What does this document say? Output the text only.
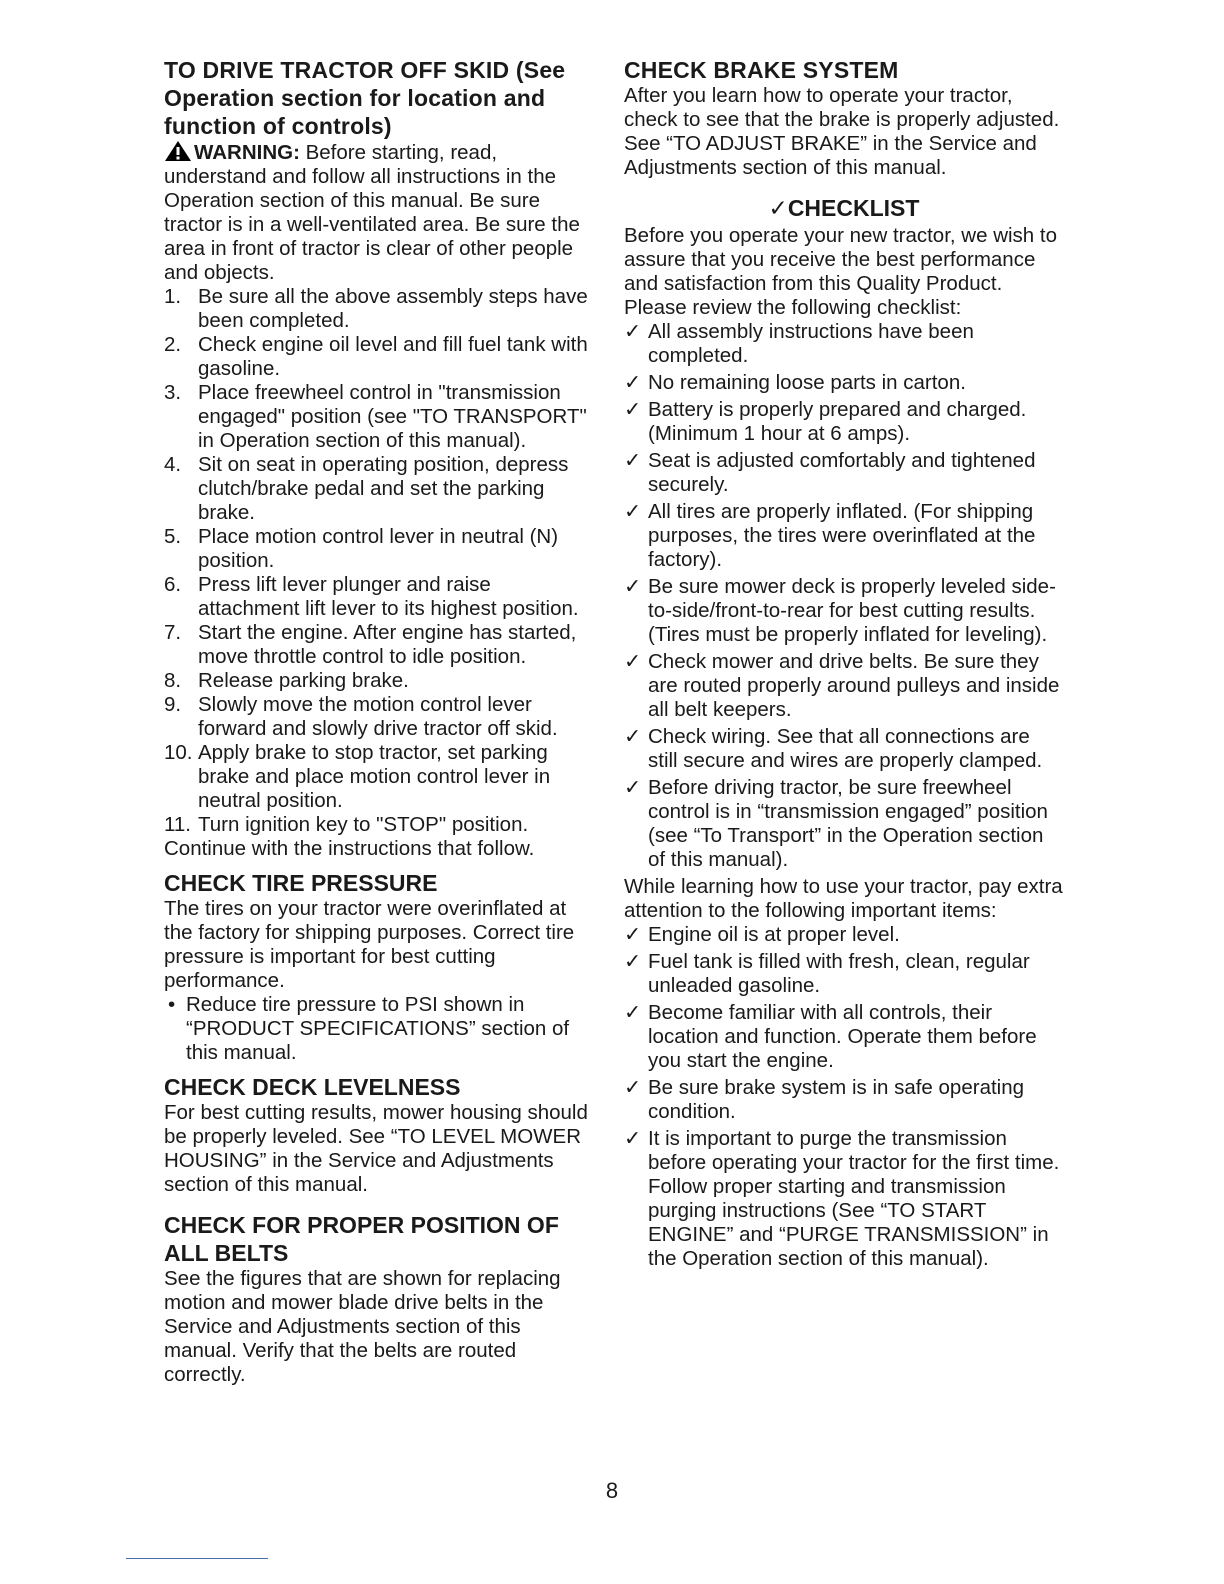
TO DRIVE TRACTOR OFF SKID (See Operation section for location and function of controls)

WARNING: Before starting, read, understand and follow all instructions in the Operation section of this manual. Be sure tractor is in a well-ventilated area. Be sure the area in front of tractor is clear of other people and objects.

1. Be sure all the above assembly steps have been completed.
2. Check engine oil level and fill fuel tank with gasoline.
3. Place freewheel control in "transmission engaged" position (see "TO TRANSPORT" in Operation section of this manual).
4. Sit on seat in operating position, depress clutch/brake pedal and set the parking brake.
5. Place motion control lever in neutral (N) position.
6. Press lift lever plunger and raise attachment lift lever to its highest position.
7. Start the engine. After engine has started, move throttle control to idle position.
8. Release parking brake.
9. Slowly move the motion control lever forward and slowly drive tractor off skid.
10. Apply brake to stop tractor, set parking brake and place motion control lever in neutral position.
11. Turn ignition key to "STOP" position.

Continue with the instructions that follow.

CHECK TIRE PRESSURE

The tires on your tractor were overinflated at the factory for shipping purposes. Correct tire pressure is important for best cutting performance.

• Reduce tire pressure to PSI shown in “PRODUCT SPECIFICATIONS” section of this manual.
CHECK DECK LEVELNESS

For best cutting results, mower housing should be properly leveled. See “TO LEVEL MOWER HOUSING” in the Service and Adjustments section of this manual.

CHECK FOR PROPER POSITION OF ALL BELTS

See the figures that are shown for replacing motion and mower blade drive belts in the Service and Adjustments section of this manual. Verify that the belts are routed correctly.

CHECK BRAKE SYSTEM

After you learn how to operate your tractor, check to see that the brake is properly adjusted. See “TO ADJUST BRAKE” in the Service and Adjustments section of this manual.

✓CHECKLIST

Before you operate your new tractor, we wish to assure that you receive the best performance and satisfaction from this Quality Product.

Please review the following checklist:

✓ All assembly instructions have been completed.
✓ No remaining loose parts in carton.
✓ Battery is properly prepared and charged. (Minimum 1 hour at 6 amps).
✓ Seat is adjusted comfortably and tightened securely.
✓ All tires are properly inflated. (For shipping purposes, the tires were overinflated at the factory).
✓ Be sure mower deck is properly leveled side-to-side/front-to-rear for best cutting results. (Tires must be properly inflated for leveling).
✓ Check mower and drive belts. Be sure they are routed properly around pulleys and inside all belt keepers.
✓ Check wiring. See that all connections are still secure and wires are properly clamped.
✓ Before driving tractor, be sure freewheel control is in “transmission engaged” position (see “To Transport” in the Operation section of this manual).

While learning how to use your tractor, pay extra attention to the following important items:

✓ Engine oil is at proper level.
✓ Fuel tank is filled with fresh, clean, regular unleaded gasoline.
✓ Become familiar with all controls, their location and function. Operate them before you start the engine.
✓ Be sure brake system is in safe operating condition.
✓ It is important to purge the transmission before operating your tractor for the first time. Follow proper starting and transmission purging instructions (See “TO START ENGINE” and “PURGE TRANSMISSION” in the Operation section of this manual).
8
